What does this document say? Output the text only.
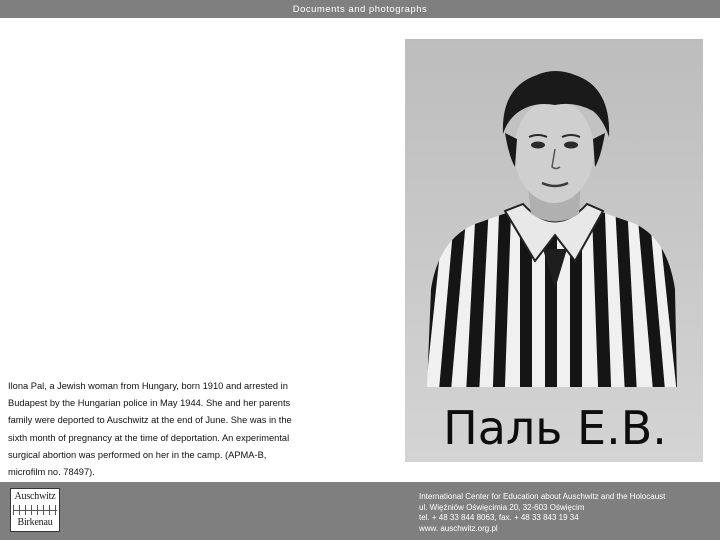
Documents and photographs

Ilona Pal, a Jewish woman from Hungary, born 1910 and arrested in
Budapest by the Hungarian police in May 1944. She and her parents
family were deported to Auschwitz at the end of June. She was in the
sixth month of pregnancy at the time of deportation. An experimental
surgical abortion was performed on her in the camp. (APMA-B,
microfilm no. 78497).

Пaль Е.В.
Auschwitz
Birkenau
International Center for Education about Auschwitz and the Holocaust
ul. Więźniów Oświęcimia 20, 32-603 Oświęcim
tel. + 48 33 844 8063, fax. + 48 33 843 19 34
www. auschwitz.org.pl
